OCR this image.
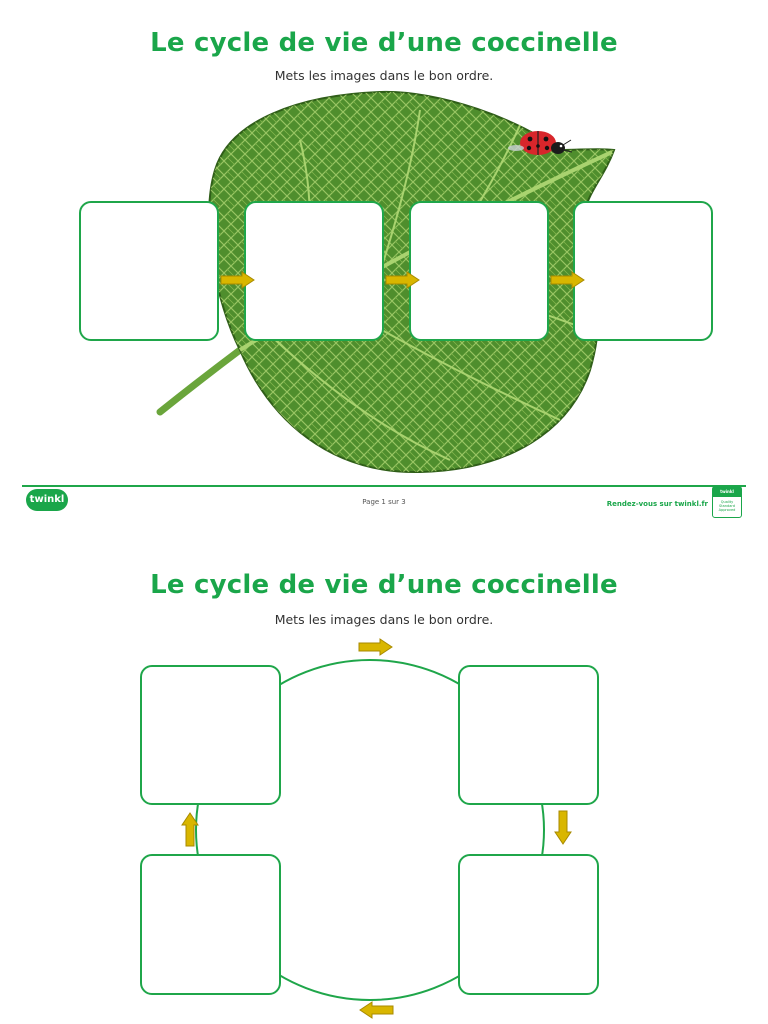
Le cycle de vie d’une coccinelle
Mets les images dans le bon ordre.
twinkl	Page 1 sur 3	Rendez-vous sur twinkl.fr
twinkl
Quality Standard Approved
Le cycle de vie d’une coccinelle
Mets les images dans le bon ordre.
